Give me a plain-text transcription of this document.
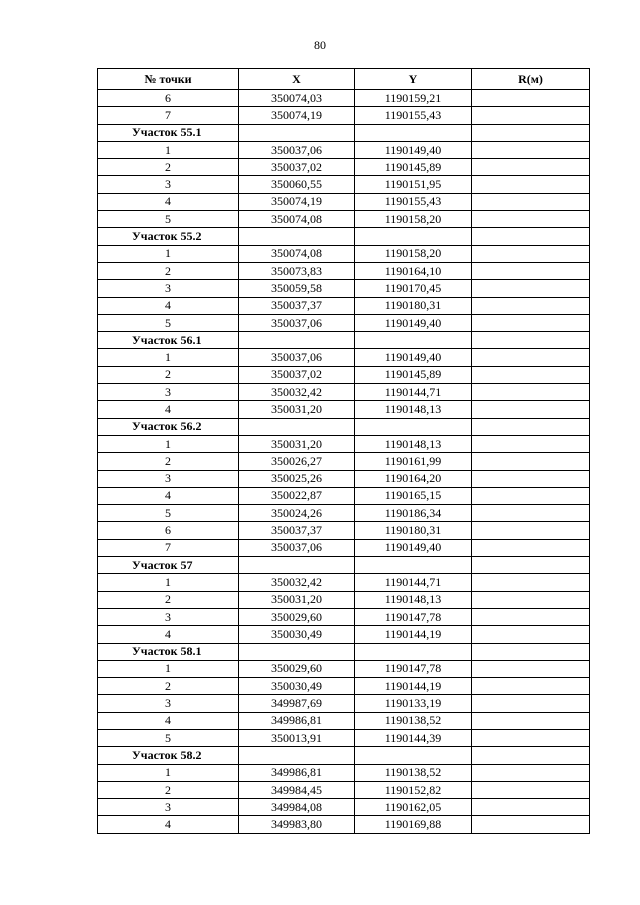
80
№ точки	X	Y	R(м)
6	350074,03	1190159,21	
7	350074,19	1190155,43	
Участок 55.1			
1	350037,06	1190149,40	
2	350037,02	1190145,89	
3	350060,55	1190151,95	
4	350074,19	1190155,43	
5	350074,08	1190158,20	
Участок 55.2			
1	350074,08	1190158,20	
2	350073,83	1190164,10	
3	350059,58	1190170,45	
4	350037,37	1190180,31	
5	350037,06	1190149,40	
Участок 56.1			
1	350037,06	1190149,40	
2	350037,02	1190145,89	
3	350032,42	1190144,71	
4	350031,20	1190148,13	
Участок 56.2			
1	350031,20	1190148,13	
2	350026,27	1190161,99	
3	350025,26	1190164,20	
4	350022,87	1190165,15	
5	350024,26	1190186,34	
6	350037,37	1190180,31	
7	350037,06	1190149,40	
Участок 57			
1	350032,42	1190144,71	
2	350031,20	1190148,13	
3	350029,60	1190147,78	
4	350030,49	1190144,19	
Участок 58.1			
1	350029,60	1190147,78	
2	350030,49	1190144,19	
3	349987,69	1190133,19	
4	349986,81	1190138,52	
5	350013,91	1190144,39	
Участок 58.2			
1	349986,81	1190138,52	
2	349984,45	1190152,82	
3	349984,08	1190162,05	
4	349983,80	1190169,88	
